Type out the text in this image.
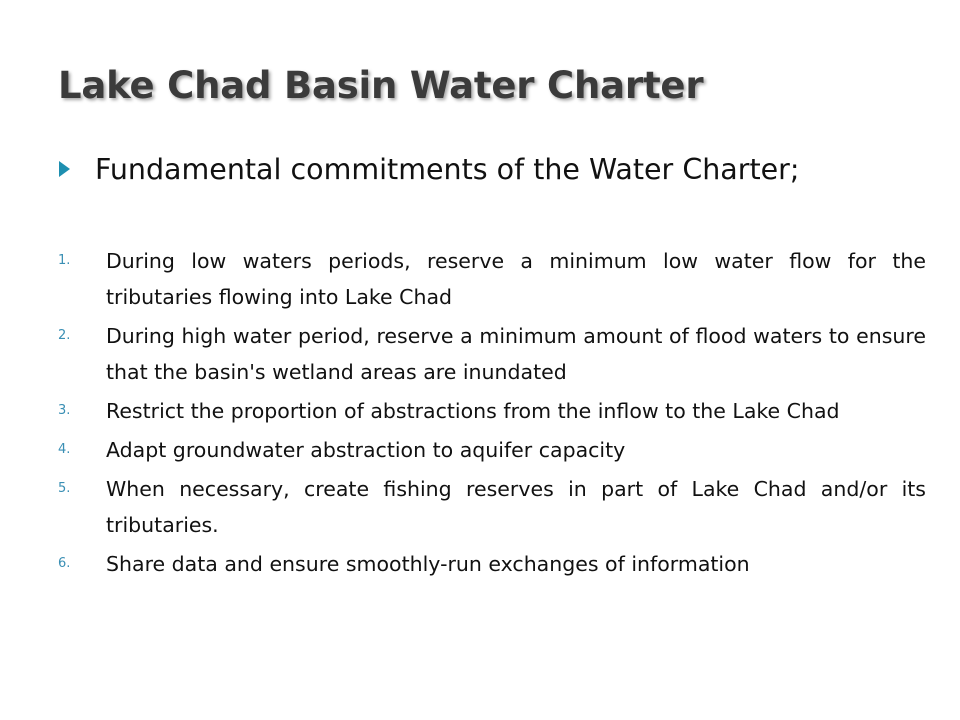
Lake Chad Basin Water Charter
Fundamental commitments of the Water Charter;
1.	During low waters periods, reserve a minimum low water flow for the tributaries flowing into Lake Chad
2.	During high water period, reserve a minimum amount of flood waters to ensure that the basin's wetland areas are inundated
3.	Restrict the proportion of abstractions from the inflow to the Lake Chad
4.	Adapt groundwater abstraction to aquifer capacity
5.	When necessary, create fishing reserves in part of Lake Chad and/or its tributaries.
6.	Share data and ensure smoothly-run exchanges of information
